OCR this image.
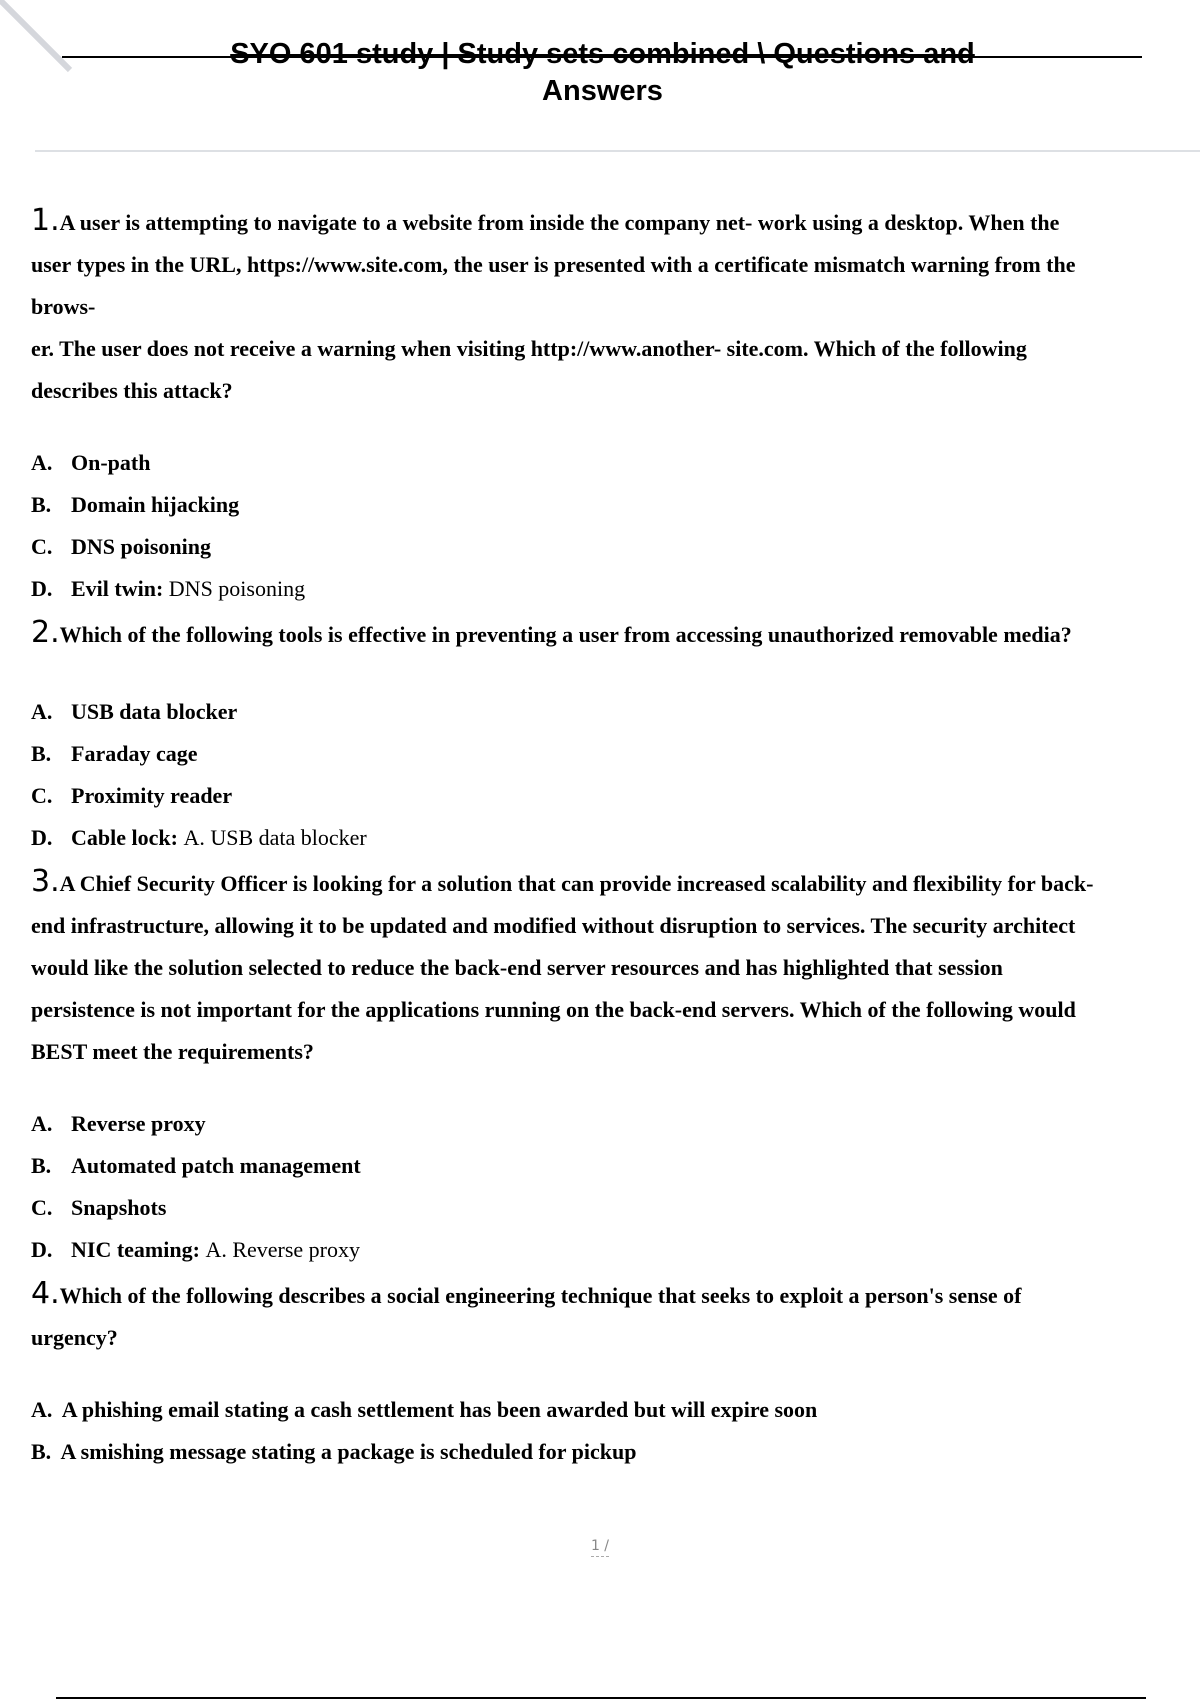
SYO 601 study | Study sets combined \ Questions and
Answers
1.A user is attempting to navigate to a website from inside the company net- work using a desktop. When the
user types in the URL, https://www.site.com, the user is presented with a certificate mismatch warning from the
brows-
er. The user does not receive a warning when visiting http://www.another- site.com. Which of the following
describes this attack?
A. On-path
B. Domain hijacking
C. DNS poisoning
D. Evil twin: DNS poisoning
2.Which of the following tools is effective in preventing a user from accessing unauthorized removable media?
A. USB data blocker
B. Faraday cage
C. Proximity reader
D. Cable lock: A. USB data blocker
3.A Chief Security Officer is looking for a solution that can provide increased scalability and flexibility for back-
end infrastructure, allowing it to be updated and modified without disruption to services. The security architect
would like the solution selected to reduce the back-end server resources and has highlighted that session
persistence is not important for the applications running on the back-end servers. Which of the following would
BEST meet the requirements?
A. Reverse proxy
B. Automated patch management
C. Snapshots
D. NIC teaming: A. Reverse proxy
4.Which of the following describes a social engineering technique that seeks to exploit a person's sense of
urgency?
A. A phishing email stating a cash settlement has been awarded but will expire soon
B. A smishing message stating a package is scheduled for pickup
1 /
